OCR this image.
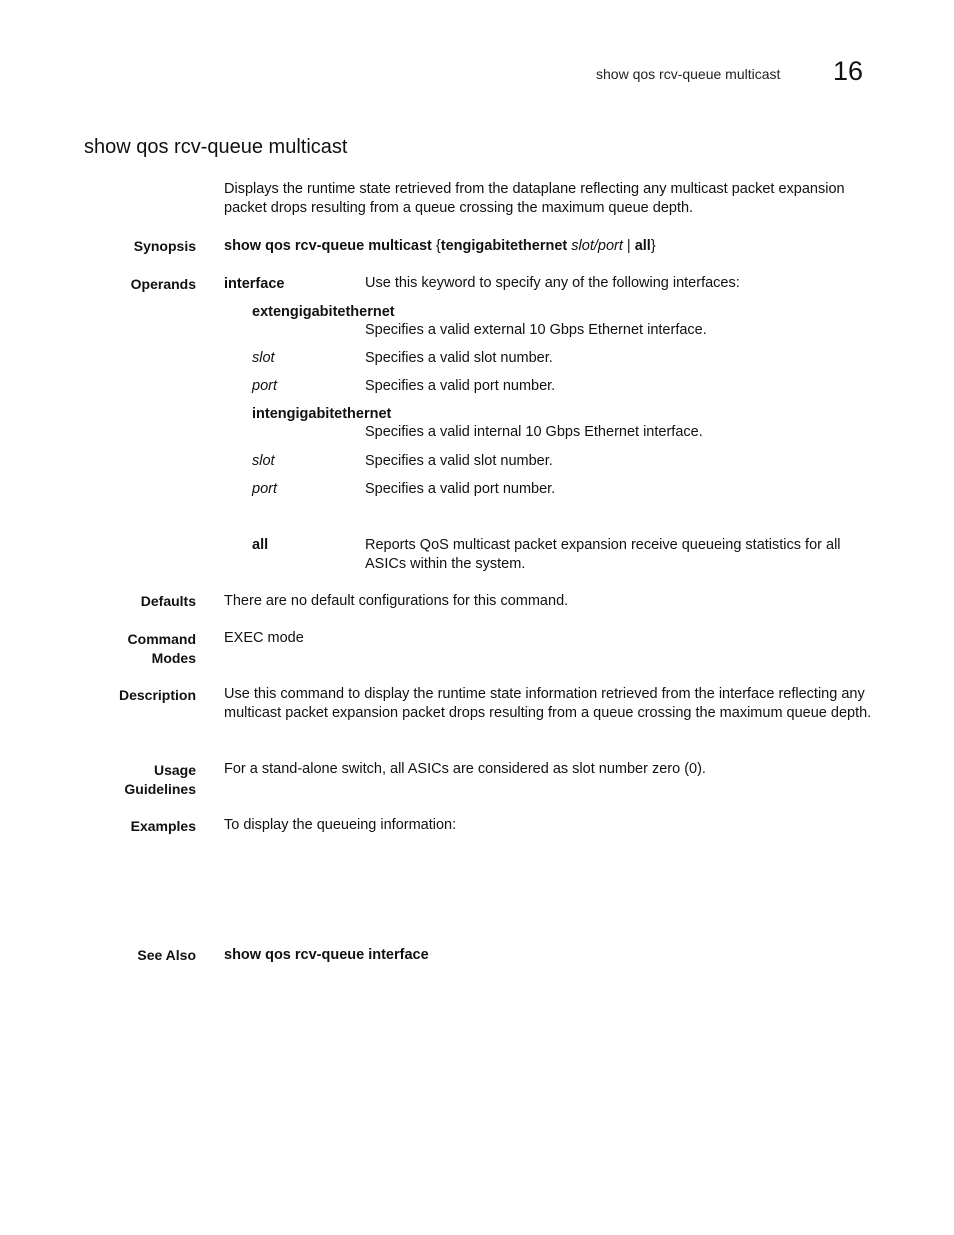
show qos rcv-queue multicast 16
show qos rcv-queue multicast
Displays the runtime state retrieved from the dataplane reflecting any multicast packet expansion packet drops resulting from a queue crossing the maximum queue depth.
Synopsis show qos rcv-queue multicast {tengigabitethernet slot/port | all}
Operands interface	Use this keyword to specify any of the following interfaces:
extengigabitethernet
Specifies a valid external 10 Gbps Ethernet interface.
slot	Specifies a valid slot number.
port	Specifies a valid port number.
intengigabitethernet
Specifies a valid internal 10 Gbps Ethernet interface.
slot	Specifies a valid slot number.
port	Specifies a valid port number.
all	Reports QoS multicast packet expansion receive queueing statistics for all ASICs within the system.
Defaults There are no default configurations for this command.
Command
Modes
EXEC mode
Description Use this command to display the runtime state information retrieved from the interface reflecting any multicast packet expansion packet drops resulting from a queue crossing the maximum queue depth.
Usage
Guidelines
For a stand-alone switch, all ASICs are considered as slot number zero (0).
Examples To display the queueing information:
See Also show qos rcv-queue interface
